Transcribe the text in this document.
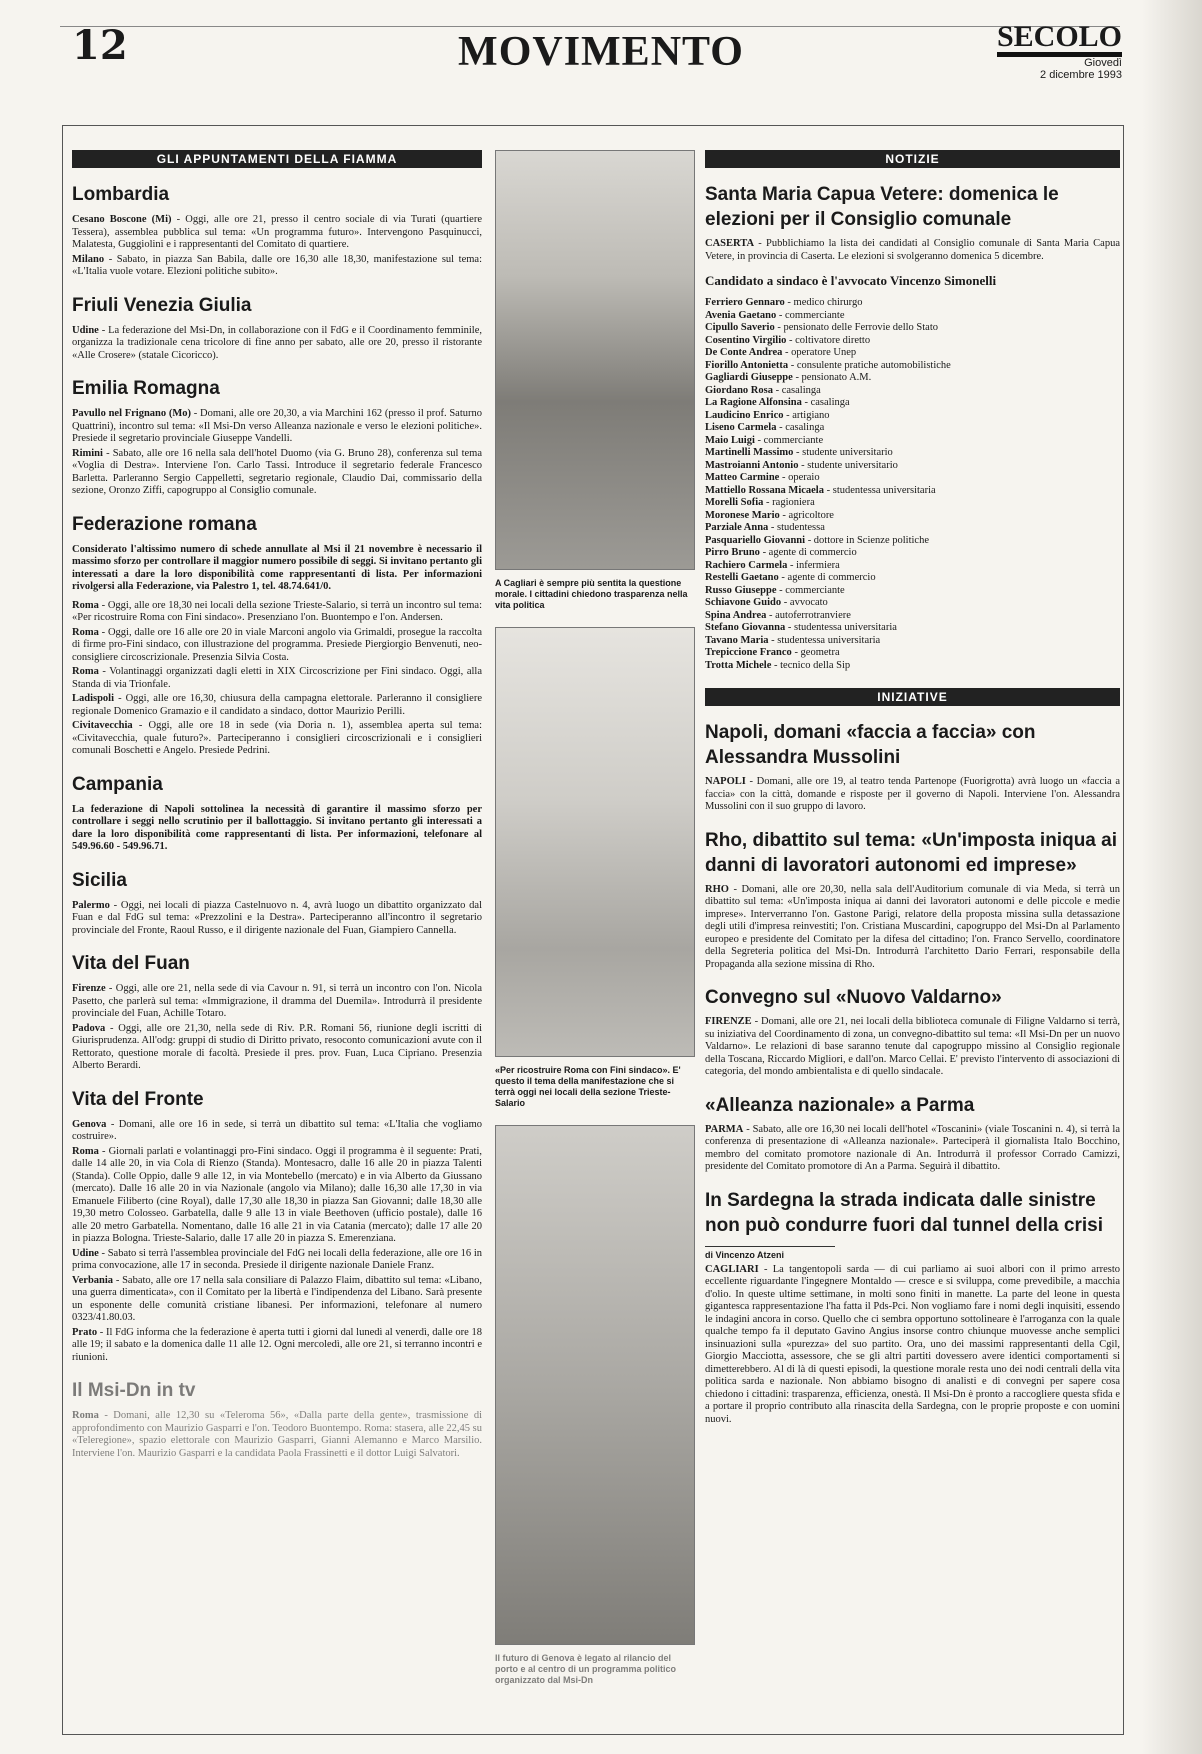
12	MOVIMENTO	SECOLO
Giovedì
2 dicembre 1993
GLI APPUNTAMENTI DELLA FIAMMA
Lombardia
Cesano Boscone (Mi) - Oggi, alle ore 21, presso il centro sociale di via Turati (quartiere Tessera), assemblea pubblica sul tema: «Un programma futuro». Intervengono Pasquinucci, Malatesta, Guggiolini e i rappresentanti del Comitato di quartiere.
Milano - Sabato, in piazza San Babila, dalle ore 16,30 alle 18,30, manifestazione sul tema: «L'Italia vuole votare. Elezioni politiche subito».
Friuli Venezia Giulia
Udine - La federazione del Msi-Dn, in collaborazione con il FdG e il Coordinamento femminile, organizza la tradizionale cena tricolore di fine anno per sabato, alle ore 20, presso il ristorante «Alle Crosere» (statale Cicoricco).
Emilia Romagna
Pavullo nel Frignano (Mo) - Domani, alle ore 20,30, a via Marchini 162 (presso il prof. Saturno Quattrini), incontro sul tema: «Il Msi-Dn verso Alleanza nazionale e verso le elezioni politiche». Presiede il segretario provinciale Giuseppe Vandelli.
Rimini - Sabato, alle ore 16 nella sala dell'hotel Duomo (via G. Bruno 28), conferenza sul tema «Voglia di Destra». Interviene l'on. Carlo Tassi. Introduce il segretario federale Francesco Barletta. Parleranno Sergio Cappelletti, segretario regionale, Claudio Dai, commissario della sezione, Oronzo Ziffi, capogruppo al Consiglio comunale.
Federazione romana
Considerato l'altissimo numero di schede annullate al Msi il 21 novembre è necessario il massimo sforzo per controllare il maggior numero possibile di seggi. Si invitano pertanto gli interessati a dare la loro disponibilità come rappresentanti di lista. Per informazioni rivolgersi alla Federazione, via Palestro 1, tel. 48.74.641/0.
Roma - Oggi, alle ore 18,30 nei locali della sezione Trieste-Salario, si terrà un incontro sul tema: «Per ricostruire Roma con Fini sindaco». Presenziano l'on. Buontempo e l'on. Andersen.
Roma - Oggi, dalle ore 16 alle ore 20 in viale Marconi angolo via Grimaldi, prosegue la raccolta di firme pro-Fini sindaco, con illustrazione del programma. Presiede Piergiorgio Benvenuti, neo-consigliere circoscrizionale. Presenzia Silvia Costa.
Roma - Volantinaggi organizzati dagli eletti in XIX Circoscrizione per Fini sindaco. Oggi, alla Standa di via Trionfale.
Ladispoli - Oggi, alle ore 16,30, chiusura della campagna elettorale. Parleranno il consigliere regionale Domenico Gramazio e il candidato a sindaco, dottor Maurizio Perilli.
Civitavecchia - Oggi, alle ore 18 in sede (via Doria n. 1), assemblea aperta sul tema: «Civitavecchia, quale futuro?». Parteciperanno i consiglieri circoscrizionali e i consiglieri comunali Boschetti e Angelo. Presiede Pedrini.
Campania
La federazione di Napoli sottolinea la necessità di garantire il massimo sforzo per controllare i seggi nello scrutinio per il ballottaggio. Si invitano pertanto gli interessati a dare la loro disponibilità come rappresentanti di lista. Per informazioni, telefonare al 549.96.60 - 549.96.71.
Sicilia
Palermo - Oggi, nei locali di piazza Castelnuovo n. 4, avrà luogo un dibattito organizzato dal Fuan e dal FdG sul tema: «Prezzolini e la Destra». Parteciperanno all'incontro il segretario provinciale del Fronte, Raoul Russo, e il dirigente nazionale del Fuan, Giampiero Cannella.
Vita del Fuan
Firenze - Oggi, alle ore 21, nella sede di via Cavour n. 91, si terrà un incontro con l'on. Nicola Pasetto, che parlerà sul tema: «Immigrazione, il dramma del Duemila». Introdurrà il presidente provinciale del Fuan, Achille Totaro.
Padova - Oggi, alle ore 21,30, nella sede di Riv. P.R. Romani 56, riunione degli iscritti di Giurisprudenza. All'odg: gruppi di studio di Diritto privato, resoconto comunicazioni avute con il Rettorato, questione morale di facoltà. Presiede il pres. prov. Fuan, Luca Cipriano. Presenzia Alberto Berardi.
Vita del Fronte
Genova - Domani, alle ore 16 in sede, si terrà un dibattito sul tema: «L'Italia che vogliamo costruire».
Roma - Giornali parlati e volantinaggi pro-Fini sindaco. Oggi il programma è il seguente: Prati, dalle 14 alle 20, in via Cola di Rienzo (Standa). Montesacro, dalle 16 alle 20 in piazza Talenti (Standa). Colle Oppio, dalle 9 alle 12, in via Montebello (mercato) e in via Alberto da Giussano (mercato). Dalle 16 alle 20 in via Nazionale (angolo via Milano); dalle 16,30 alle 17,30 in via Emanuele Filiberto (cine Royal), dalle 17,30 alle 18,30 in piazza San Giovanni; dalle 18,30 alle 19,30 metro Colosseo. Garbatella, dalle 9 alle 13 in viale Beethoven (ufficio postale), dalle 16 alle 20 metro Garbatella. Nomentano, dalle 16 alle 21 in via Catania (mercato); dalle 17 alle 20 in piazza Bologna. Trieste-Salario, dalle 17 alle 20 in piazza S. Emerenziana.
Udine - Sabato si terrà l'assemblea provinciale del FdG nei locali della federazione, alle ore 16 in prima convocazione, alle 17 in seconda. Presiede il dirigente nazionale Daniele Franz.
Verbania - Sabato, alle ore 17 nella sala consiliare di Palazzo Flaim, dibattito sul tema: «Libano, una guerra dimenticata», con il Comitato per la libertà e l'indipendenza del Libano. Sarà presente un esponente delle comunità cristiane libanesi. Per informazioni, telefonare al numero 0323/41.80.03.
Prato - Il FdG informa che la federazione è aperta tutti i giorni dal lunedì al venerdì, dalle ore 18 alle 19; il sabato e la domenica dalle 11 alle 12. Ogni mercoledì, alle ore 21, si terranno incontri e riunioni.
Il Msi-Dn in tv
Roma - Domani, alle 12,30 su «Teleroma 56», «Dalla parte della gente», trasmissione di approfondimento con Maurizio Gasparri e l'on. Teodoro Buontempo. Roma: stasera, alle 22,45 su «Teleregione», spazio elettorale con Maurizio Gasparri, Gianni Alemanno e Marco Marsilio. Interviene l'on. Maurizio Gasparri e la candidata Paola Frassinetti e il dottor Luigi Salvatori.
A Cagliari è sempre più sentita la questione morale. I cittadini chiedono trasparenza nella vita politica
«Per ricostruire Roma con Fini sindaco». E' questo il tema della manifestazione che si terrà oggi nei locali della sezione Trieste-Salario
Il futuro di Genova è legato al rilancio del porto e al centro di un programma politico organizzato dal Msi-Dn
NOTIZIE
Santa Maria Capua Vetere: domenica le elezioni per il Consiglio comunale
CASERTA - Pubblichiamo la lista dei candidati al Consiglio comunale di Santa Maria Capua Vetere, in provincia di Caserta. Le elezioni si svolgeranno domenica 5 dicembre.
Candidato a sindaco è l'avvocato Vincenzo Simonelli
Ferriero Gennaro - medico chirurgo
Avenia Gaetano - commerciante
Cipullo Saverio - pensionato delle Ferrovie dello Stato
Cosentino Virgilio - coltivatore diretto
De Conte Andrea - operatore Unep
Fiorillo Antonietta - consulente pratiche automobilistiche
Gagliardi Giuseppe - pensionato A.M.
Giordano Rosa - casalinga
La Ragione Alfonsina - casalinga
Laudicino Enrico - artigiano
Liseno Carmela - casalinga
Maio Luigi - commerciante
Martinelli Massimo - studente universitario
Mastroianni Antonio - studente universitario
Matteo Carmine - operaio
Mattiello Rossana Micaela - studentessa universitaria
Morelli Sofia - ragioniera
Moronese Mario - agricoltore
Parziale Anna - studentessa
Pasquariello Giovanni - dottore in Scienze politiche
Pirro Bruno - agente di commercio
Rachiero Carmela - infermiera
Restelli Gaetano - agente di commercio
Russo Giuseppe - commerciante
Schiavone Guido - avvocato
Spina Andrea - autoferrotranviere
Stefano Giovanna - studentessa universitaria
Tavano Maria - studentessa universitaria
Trepiccione Franco - geometra
Trotta Michele - tecnico della Sip
INIZIATIVE
Napoli, domani «faccia a faccia» con Alessandra Mussolini
NAPOLI - Domani, alle ore 19, al teatro tenda Partenope (Fuorigrotta) avrà luogo un «faccia a faccia» con la città, domande e risposte per il governo di Napoli. Interviene l'on. Alessandra Mussolini con il suo gruppo di lavoro.
Rho, dibattito sul tema: «Un'imposta iniqua ai danni di lavoratori autonomi ed imprese»
RHO - Domani, alle ore 20,30, nella sala dell'Auditorium comunale di via Meda, si terrà un dibattito sul tema: «Un'imposta iniqua ai danni dei lavoratori autonomi e delle piccole e medie imprese». Interverranno l'on. Gastone Parigi, relatore della proposta missina sulla detassazione degli utili d'impresa reinvestiti; l'on. Cristiana Muscardini, capogruppo del Msi-Dn al Parlamento europeo e presidente del Comitato per la difesa del cittadino; l'on. Franco Servello, coordinatore della Segreteria politica del Msi-Dn. Introdurrà l'architetto Dario Ferrari, responsabile della Propaganda alla sezione missina di Rho.
Convegno sul «Nuovo Valdarno»
FIRENZE - Domani, alle ore 21, nei locali della biblioteca comunale di Filigne Valdarno si terrà, su iniziativa del Coordinamento di zona, un convegno-dibattito sul tema: «Il Msi-Dn per un nuovo Valdarno». Le relazioni di base saranno tenute dal capogruppo missino al Consiglio regionale della Toscana, Riccardo Migliori, e dall'on. Marco Cellai. E' previsto l'intervento di associazioni di categoria, del mondo ambientalista e di quello sindacale.
«Alleanza nazionale» a Parma
PARMA - Sabato, alle ore 16,30 nei locali dell'hotel «Toscanini» (viale Toscanini n. 4), si terrà la conferenza di presentazione di «Alleanza nazionale». Parteciperà il giornalista Italo Bocchino, membro del comitato promotore nazionale di An. Introdurrà il professor Corrado Camizzi, presidente del Comitato promotore di An a Parma. Seguirà il dibattito.
In Sardegna la strada indicata dalle sinistre non può condurre fuori dal tunnel della crisi
di Vincenzo Atzeni
CAGLIARI - La tangentopoli sarda — di cui parliamo ai suoi albori con il primo arresto eccellente riguardante l'ingegnere Montaldo — cresce e si sviluppa, come prevedibile, a macchia d'olio. In queste ultime settimane, in molti sono finiti in manette. La parte del leone in questa gigantesca rappresentazione l'ha fatta il Pds-Pci. Non vogliamo fare i nomi degli inquisiti, essendo le indagini ancora in corso. Quello che ci sembra opportuno sottolineare è l'arroganza con la quale qualche tempo fa il deputato Gavino Angius insorse contro chiunque muovesse anche semplici insinuazioni sulla «purezza» del suo partito. Ora, uno dei massimi rappresentanti della Cgil, Giorgio Macciotta, assessore, che se gli altri partiti dovessero avere identici comportamenti si dimetterebbero. Al di là di questi episodi, la questione morale resta uno dei nodi centrali della vita politica sarda e nazionale. Non abbiamo bisogno di analisti e di convegni per sapere cosa chiedono i cittadini: trasparenza, efficienza, onestà. Il Msi-Dn è pronto a raccogliere questa sfida e a portare il proprio contributo alla rinascita della Sardegna, con le proprie proposte e con uomini nuovi.
